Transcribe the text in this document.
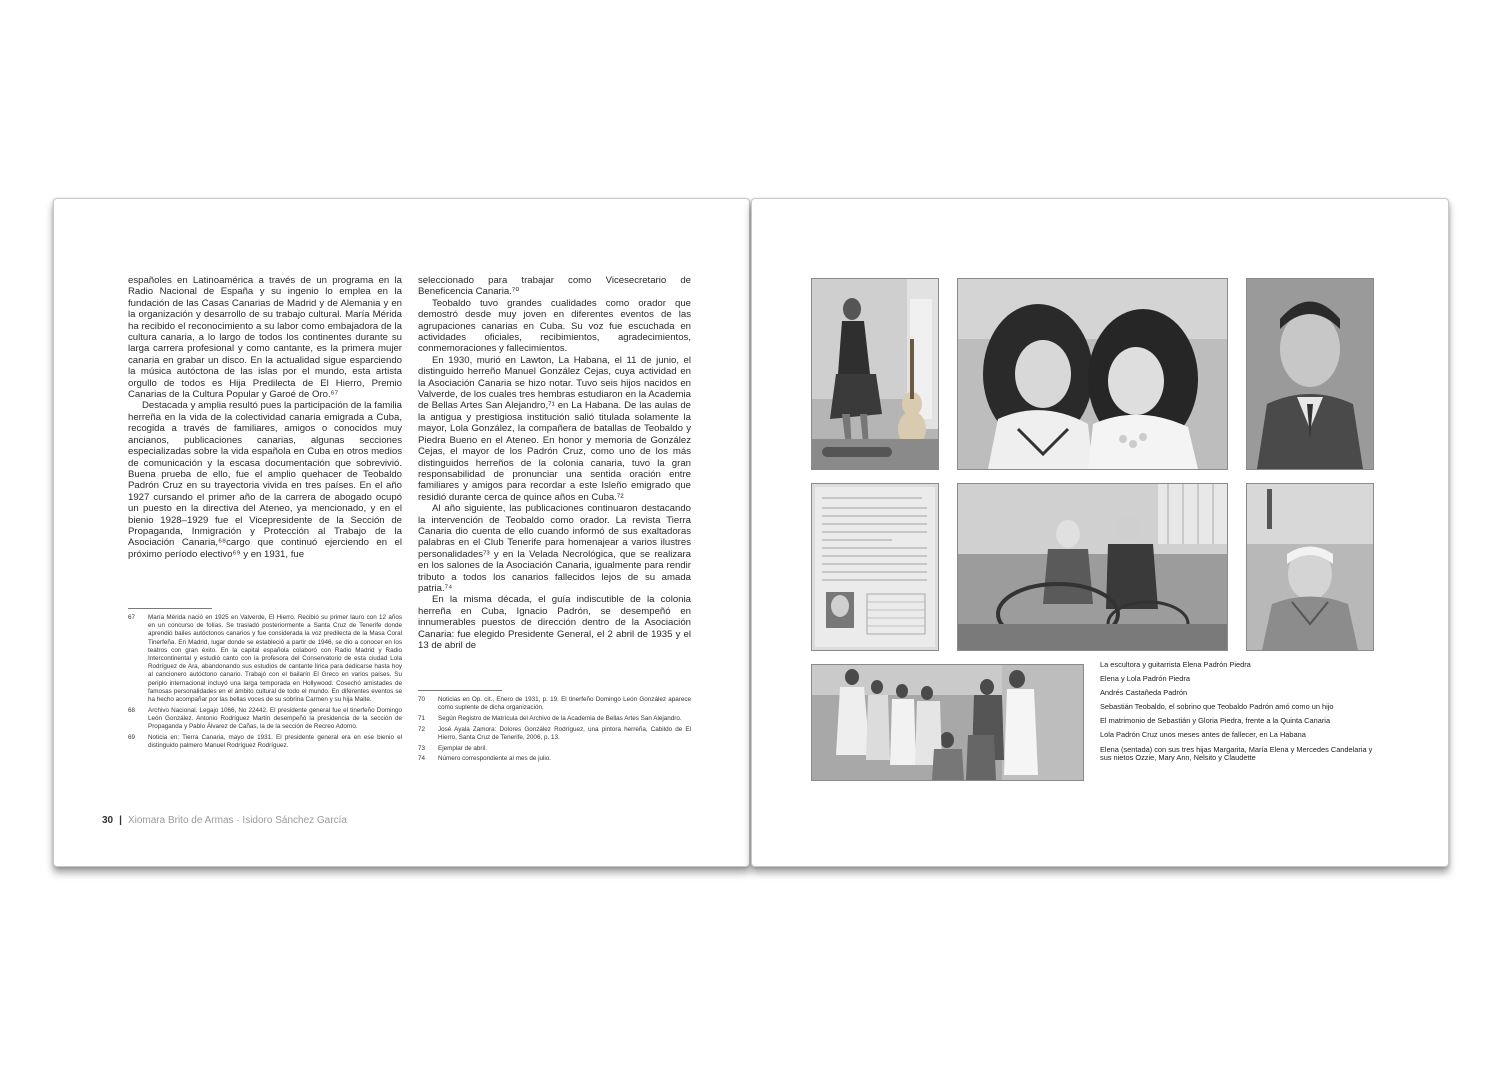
españoles en Latinoamérica a través de un programa en la Radio Nacional de España y su ingenio lo emplea en la fundación de las Casas Canarias de Madrid y de Alemania y en la organización y desarrollo de su trabajo cultural. María Mérida ha recibido el reconocimiento a su labor como embajadora de la cultura canaria, a lo largo de todos los continentes durante su larga carrera profesional y como cantante, es la primera mujer canaria en grabar un disco. En la actualidad sigue esparciendo la música autóctona de las islas por el mundo, esta artista orgullo de todos es Hija Predilecta de El Hierro, Premio Canarias de la Cultura Popular y Garoé de Oro.⁶⁷

Destacada y amplia resultó pues la participación de la familia herreña en la vida de la colectividad canaria emigrada a Cuba, recogida a través de familiares, amigos o conocidos muy ancianos, publicaciones canarias, algunas secciones especializadas sobre la vida española en Cuba en otros medios de comunicación y la escasa documentación que sobrevivió. Buena prueba de ello, fue el amplio quehacer de Teobaldo Padrón Cruz en su trayectoria vivida en tres países. En el año 1927 cursando el primer año de la carrera de abogado ocupó un puesto en la directiva del Ateneo, ya mencionado, y en el bienio 1928–1929 fue el Vicepresidente de la Sección de Propaganda, Inmigración y Protección al Trabajo de la Asociación Canaria,⁶⁸cargo que continuó ejerciendo en el próximo período electivo⁶⁹ y en 1931, fue

seleccionado para trabajar como Vicesecretario de Beneficencia Canaria.⁷⁰

Teobaldo tuvo grandes cualidades como orador que demostró desde muy joven en diferentes eventos de las agrupaciones canarias en Cuba. Su voz fue escuchada en actividades oficiales, recibimientos, agradecimientos, conmemoraciones y fallecimientos.

En 1930, murió en Lawton, La Habana, el 11 de junio, el distinguido herreño Manuel González Cejas, cuya actividad en la Asociación Canaria se hizo notar. Tuvo seis hijos nacidos en Valverde, de los cuales tres hembras estudiaron en la Academia de Bellas Artes San Alejandro,⁷¹ en La Habana. De las aulas de la antigua y prestigiosa institución salió titulada solamente la mayor, Lola González, la compañera de batallas de Teobaldo y Piedra Bueno en el Ateneo. En honor y memoria de González Cejas, el mayor de los Padrón Cruz, como uno de los más distinguidos herreños de la colonia canaria, tuvo la gran responsabilidad de pronunciar una sentida oración entre familiares y amigos para recordar a este Isleño emigrado que residió durante cerca de quince años en Cuba.⁷²

Al año siguiente, las publicaciones continuaron destacando la intervención de Teobaldo como orador. La revista Tierra Canaria dio cuenta de ello cuando informó de sus exaltadoras palabras en el Club Tenerife para homenajear a varios ilustres personalidades⁷³ y en la Velada Necrológica, que se realizara en los salones de la Asociación Canaria, igualmente para rendir tributo a todos los canarios fallecidos lejos de su amada patria.⁷⁴

En la misma década, el guía indiscutible de la colonia herreña en Cuba, Ignacio Padrón, se desempeñó en innumerables puestos de dirección dentro de la Asociación Canaria: fue elegido Presidente General, el 2 abril de 1935 y el 13 de abril de

67	María Mérida nació en 1925 en Valverde, El Hierro. Recibió su primer lauro con 12 años en un concurso de folías. Se trasladó posteriormente a Santa Cruz de Tenerife donde aprendió bailes autóctonos canarios y fue considerada la voz predilecta de la Masa Coral Tinerfeña. En Madrid, lugar donde se estableció a partir de 1946, se dio a conocer en los teatros con gran éxito. En la capital española colaboró con Radio Madrid y Radio Intercontinental y estudió canto con la profesora del Conservatorio de esta ciudad Lola Rodríguez de Ara, abandonando sus estudios de cantante lírica para dedicarse hasta hoy al cancionero autóctono canario. Trabajó con el bailarín El Greco en varios países. Su periplo internacional incluyó una larga temporada en Hollywood. Cosechó amistades de famosas personalidades en el ámbito cultural de todo el mundo. En diferentes eventos se ha hecho acompañar por las bellas voces de su sobrina Carmen y su hija Maite.
68	Archivo Nacional. Legajo 1066, No 22442. El presidente general fue el tinerfeño Domingo León González. Antonio Rodríguez Martín desempeñó la presidencia de la sección de Propaganda y Pablo Álvarez de Cañas, la de la sección de Recreo Adorno.
69	Noticia en: Tierra Canaria, mayo de 1931. El presidente general era en ese bienio el distinguido palmero Manuel Rodríguez Rodríguez.
70	Noticias en Op. cit., Enero de 1931, p. 19. El tinerfeño Domingo León González aparece como suplente de dicha organización.
71	Según Registro de Matrícula del Archivo de la Academia de Bellas Artes San Alejandro.
72	José Ayala Zamora: Dolores González Rodríguez, una pintora herreña, Cabildo de El Hierro, Santa Cruz de Tenerife, 2006, p. 13.
73	Ejemplar de abril.
74	Número correspondiente al mes de julio.
30 | Xiomara Brito de Armas · Isidoro Sánchez García
La escultora y guitarrista Elena Padrón Piedra
Elena y Lola Padrón Piedra
Andrés Castañeda Padrón
Sebastián Teobaldo, el sobrino que Teobaldo Padrón amó como un hijo
El matrimonio de Sebastián y Gloria Piedra, frente a la Quinta Canaria
Lola Padrón Cruz unos meses antes de fallecer, en La Habana
Elena (sentada) con sus tres hijas Margarita, María Elena y Mercedes Candelaria y sus nietos Ozzie, Mary Ann, Nelsito y Claudette
